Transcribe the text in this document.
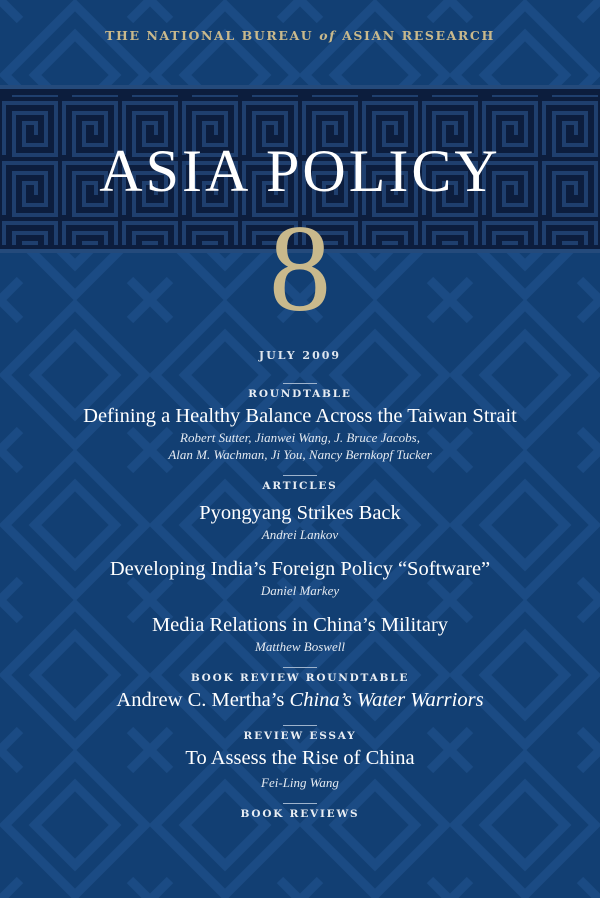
THE NATIONAL BUREAU of ASIAN RESEARCH
ASIA POLICY
8
JULY 2009
ROUNDTABLE
Defining a Healthy Balance Across the Taiwan Strait
Robert Sutter, Jianwei Wang, J. Bruce Jacobs,
Alan M. Wachman, Ji You, Nancy Bernkopf Tucker
ARTICLES
Pyongyang Strikes Back
Andrei Lankov
Developing India’s Foreign Policy “Software”
Daniel Markey
Media Relations in China’s Military
Matthew Boswell
BOOK REVIEW ROUNDTABLE
Andrew C. Mertha’s China’s Water Warriors
REVIEW ESSAY
To Assess the Rise of China
Fei-Ling Wang
BOOK REVIEWS
